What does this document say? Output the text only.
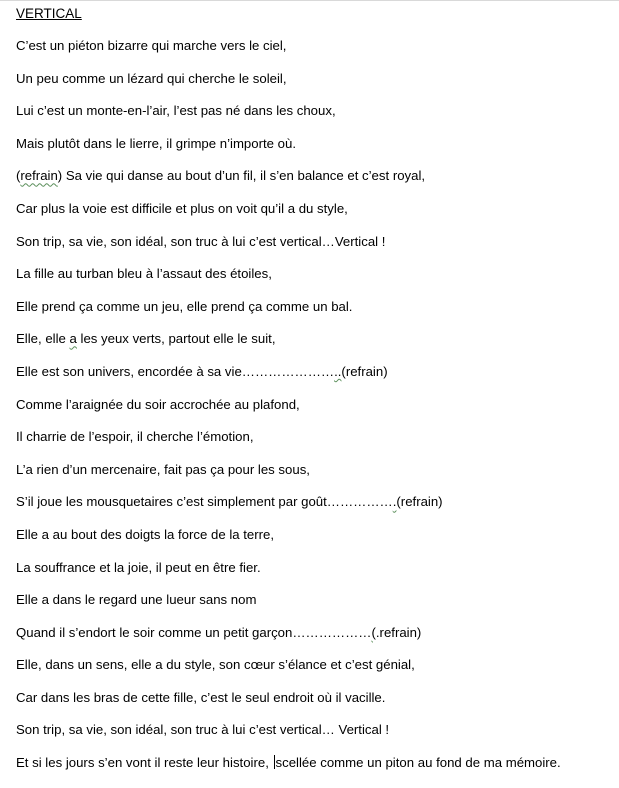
VERTICAL
C’est un piéton bizarre qui marche vers le ciel,
Un peu comme un lézard qui cherche le soleil,
Lui c’est un monte-en-l’air, l’est pas né dans les choux,
Mais plutôt dans le lierre, il grimpe n’importe où.
(refrain) Sa vie qui danse au bout d’un fil, il s’en balance et c’est royal,
Car plus la voie est difficile et plus on voit qu’il a du style,
Son trip, sa vie, son idéal, son truc à lui c’est vertical…Vertical !
La fille au turban bleu à l’assaut des étoiles,
Elle prend ça comme un jeu, elle prend ça comme un bal.
Elle, elle a les yeux verts, partout elle le suit,
Elle est son univers, encordée à sa vie…………………..(refrain)
Comme l’araignée du soir accrochée au plafond,
Il charrie de l’espoir, il cherche l’émotion,
L’a rien d’un mercenaire, fait pas ça pour les sous,
S’il joue les mousquetaires c’est simplement par goût…………….(refrain)
Elle a au bout des doigts la force de la terre,
La souffrance et la joie, il peut en être fier.
Elle a dans le regard une lueur sans nom
Quand il s’endort le soir comme un petit garçon………………(.refrain)
Elle, dans un sens, elle a du style, son cœur s’élance et c’est génial,
Car dans les bras de cette fille, c’est le seul endroit où il vacille.
Son trip, sa vie, son idéal, son truc à lui c’est vertical… Vertical !
Et si les jours s’en vont il reste leur histoire, scellée comme un piton au fond de ma mémoire.
